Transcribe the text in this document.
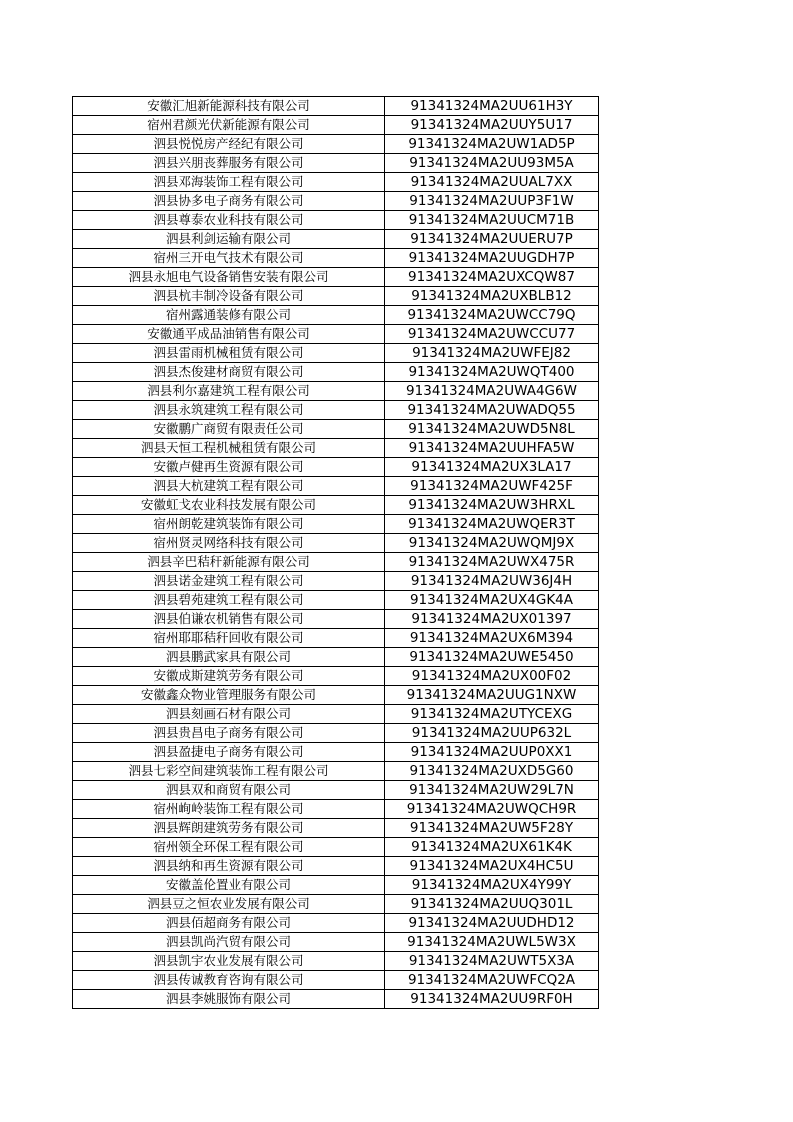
安徽汇旭新能源科技有限公司	91341324MA2UU61H3Y
宿州君颜光伏新能源有限公司	91341324MA2UUY5U17
泗县悦悦房产经纪有限公司	91341324MA2UW1AD5P
泗县兴朋丧葬服务有限公司	91341324MA2UU93M5A
泗县邓海装饰工程有限公司	91341324MA2UUAL7XX
泗县协多电子商务有限公司	91341324MA2UUP3F1W
泗县尊泰农业科技有限公司	91341324MA2UUCM71B
泗县利剑运输有限公司	91341324MA2UUERU7P
宿州三开电气技术有限公司	91341324MA2UUGDH7P
泗县永旭电气设备销售安装有限公司	91341324MA2UXCQW87
泗县杭丰制冷设备有限公司	91341324MA2UXBLB12
宿州露通装修有限公司	91341324MA2UWCC79Q
安徽通平成品油销售有限公司	91341324MA2UWCCU77
泗县雷雨机械租赁有限公司	91341324MA2UWFEJ82
泗县杰俊建材商贸有限公司	91341324MA2UWQT400
泗县利尔嘉建筑工程有限公司	91341324MA2UWA4G6W
泗县永筑建筑工程有限公司	91341324MA2UWADQ55
安徽鹏广商贸有限责任公司	91341324MA2UWD5N8L
泗县天恒工程机械租赁有限公司	91341324MA2UUHFA5W
安徽卢健再生资源有限公司	91341324MA2UX3LA17
泗县大杭建筑工程有限公司	91341324MA2UWF425F
安徽虹戈农业科技发展有限公司	91341324MA2UW3HRXL
宿州朗乾建筑装饰有限公司	91341324MA2UWQER3T
宿州贤灵网络科技有限公司	91341324MA2UWQMJ9X
泗县辛巴秸秆新能源有限公司	91341324MA2UWX475R
泗县诺金建筑工程有限公司	91341324MA2UW36J4H
泗县碧苑建筑工程有限公司	91341324MA2UX4GK4A
泗县伯谦农机销售有限公司	91341324MA2UX01397
宿州耶耶秸秆回收有限公司	91341324MA2UX6M394
泗县鹏武家具有限公司	91341324MA2UWE5450
安徽成斯建筑劳务有限公司	91341324MA2UX00F02
安徽鑫众物业管理服务有限公司	91341324MA2UUG1NXW
泗县刻画石材有限公司	91341324MA2UTYCEXG
泗县贵昌电子商务有限公司	91341324MA2UUP632L
泗县盈捷电子商务有限公司	91341324MA2UUP0XX1
泗县七彩空间建筑装饰工程有限公司	91341324MA2UXD5G60
泗县双和商贸有限公司	91341324MA2UW29L7N
宿州峋岭装饰工程有限公司	91341324MA2UWQCH9R
泗县辉朗建筑劳务有限公司	91341324MA2UW5F28Y
宿州领全环保工程有限公司	91341324MA2UX61K4K
泗县纳和再生资源有限公司	91341324MA2UX4HC5U
安徽盖伦置业有限公司	91341324MA2UX4Y99Y
泗县豆之恒农业发展有限公司	91341324MA2UUQ301L
泗县佰超商务有限公司	91341324MA2UUDHD12
泗县凯尚汽贸有限公司	91341324MA2UWL5W3X
泗县凯宇农业发展有限公司	91341324MA2UWT5X3A
泗县传诚教育咨询有限公司	91341324MA2UWFCQ2A
泗县李姚服饰有限公司	91341324MA2UU9RF0H
